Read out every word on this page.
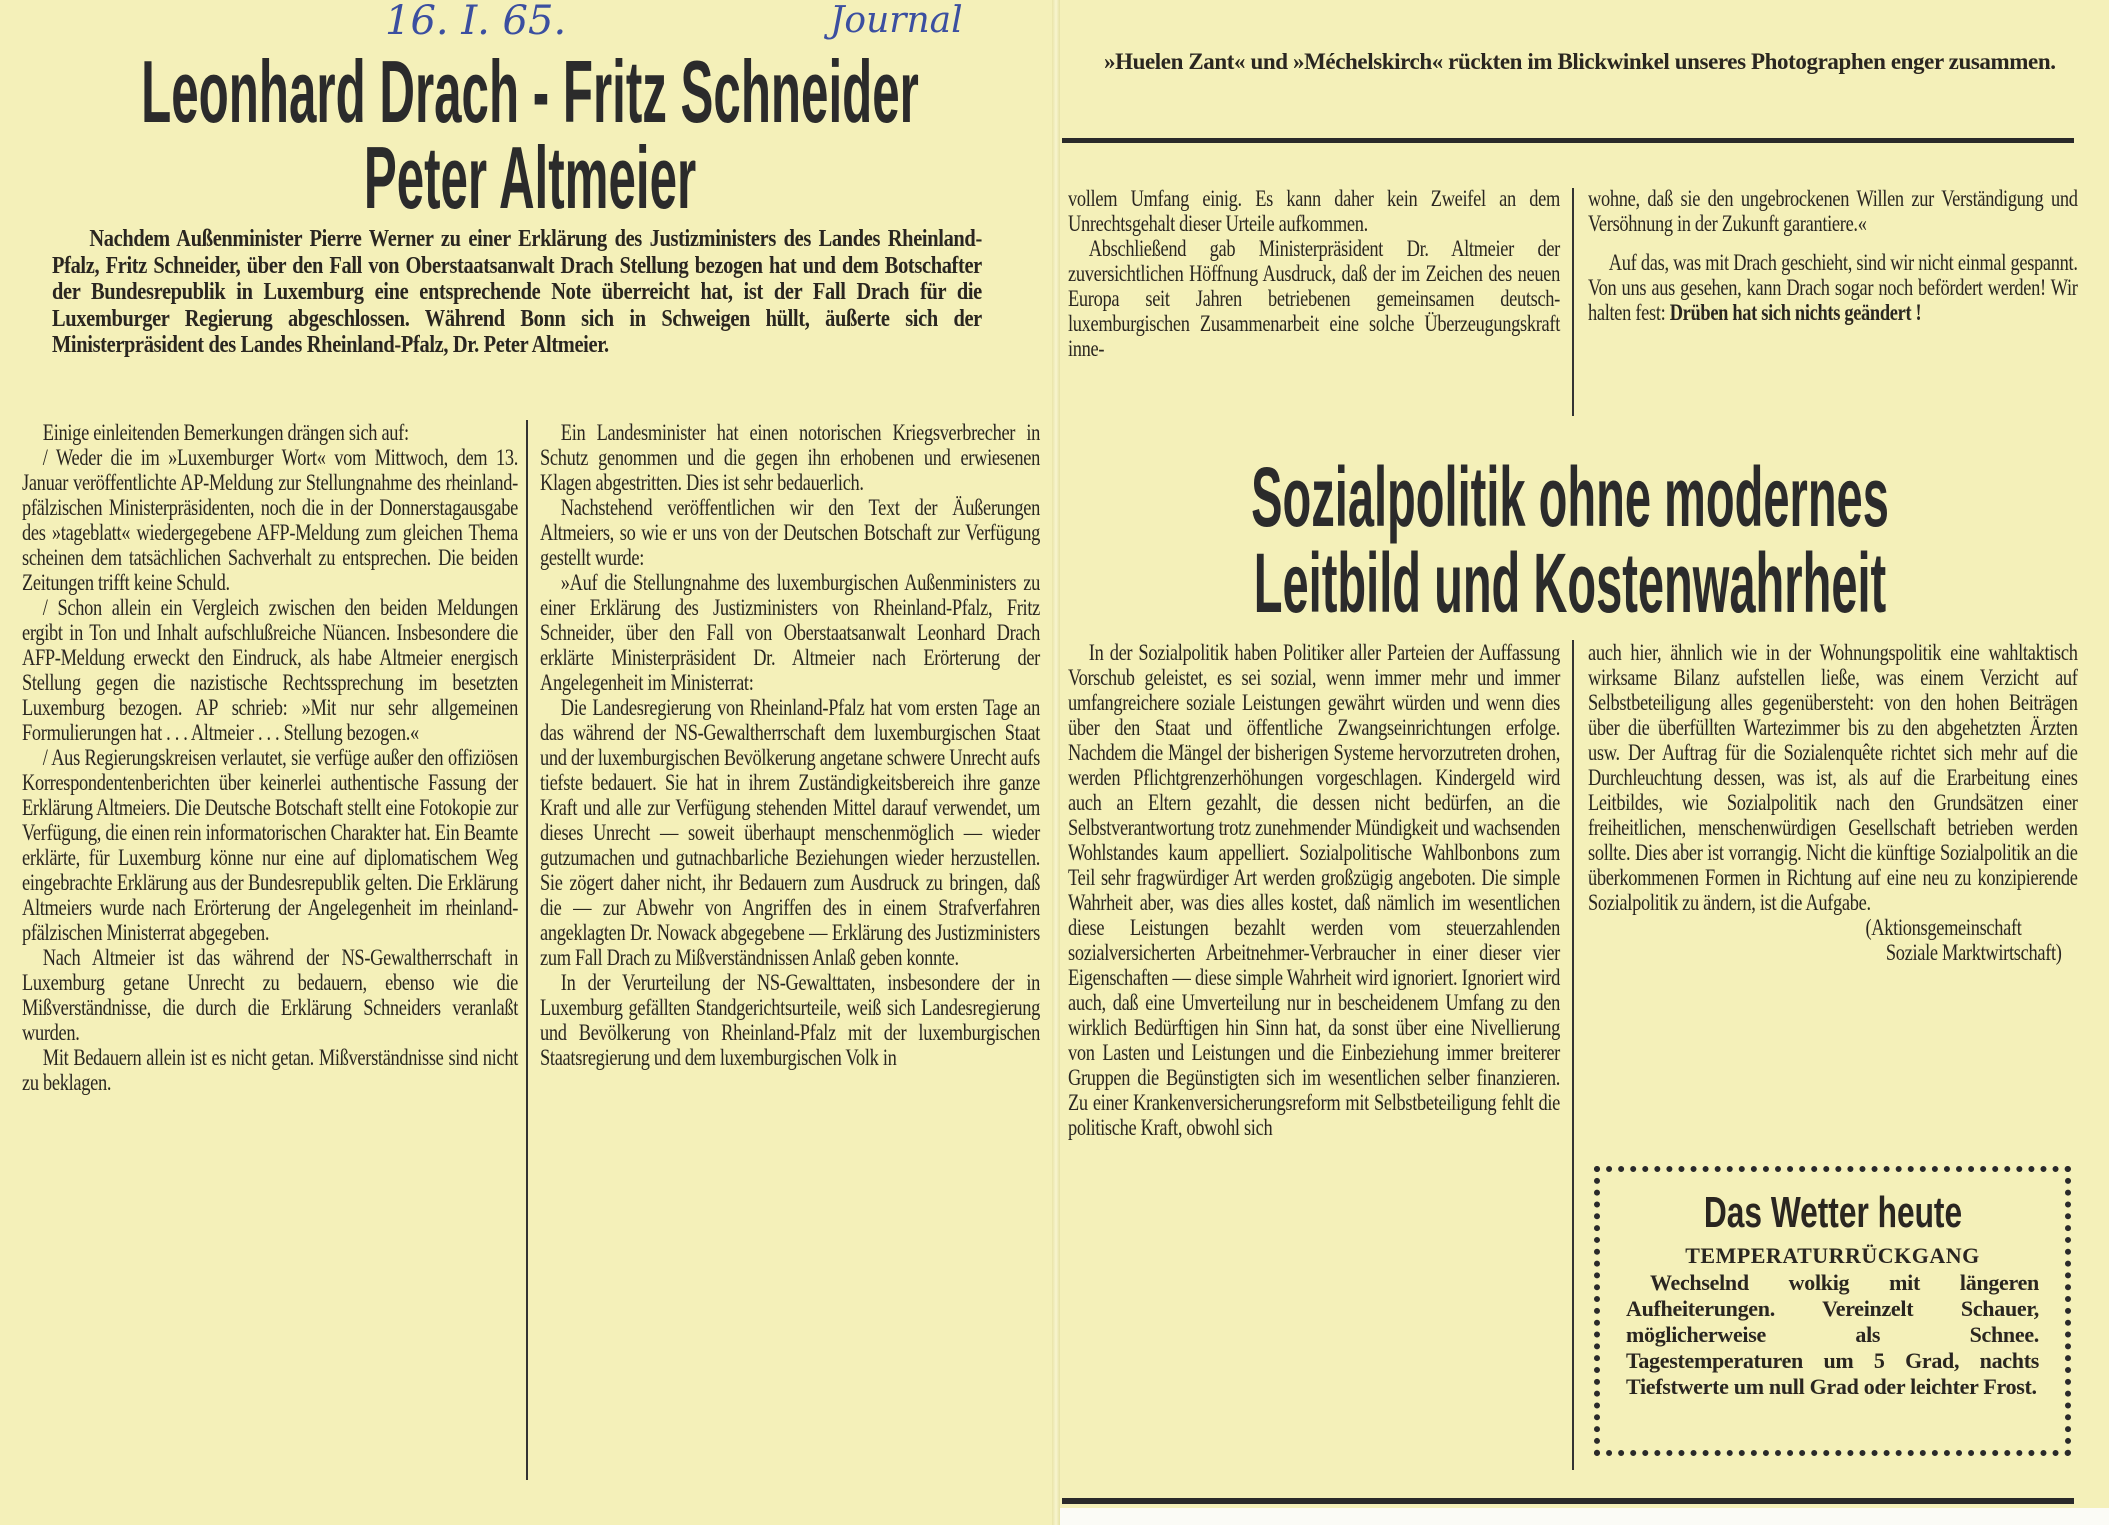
16. I. 65.	Journal
Leonhard Drach - Fritz Schneider
Peter Altmeier

Nachdem Außenminister Pierre Werner zu einer Erklärung des Justizministers des Landes Rheinland-Pfalz, Fritz Schneider, über den Fall von Oberstaatsanwalt Drach Stellung bezogen hat und dem Botschafter der Bundesrepublik in Luxemburg eine entsprechende Note überreicht hat, ist der Fall Drach für die Luxemburger Regierung abgeschlossen. Während Bonn sich in Schweigen hüllt, äußerte sich der Ministerpräsident des Landes Rheinland-Pfalz, Dr. Peter Altmeier.

Einige einleitenden Bemerkungen drängen sich auf:

/ Weder die im »Luxemburger Wort« vom Mittwoch, dem 13. Januar veröffentlichte AP-Meldung zur Stellungnahme des rheinland-pfälzischen Ministerpräsidenten, noch die in der Donnerstagausgabe des »tageblatt« wiedergegebene AFP-Meldung zum gleichen Thema scheinen dem tatsächlichen Sachverhalt zu entsprechen. Die beiden Zeitungen trifft keine Schuld.

/ Schon allein ein Vergleich zwischen den beiden Meldungen ergibt in Ton und Inhalt aufschlußreiche Nüancen. Insbesondere die AFP-Meldung erweckt den Eindruck, als habe Altmeier energisch Stellung gegen die nazistische Rechtssprechung im besetzten Luxemburg bezogen. AP schrieb: »Mit nur sehr allgemeinen Formulierungen hat . . . Altmeier . . . Stellung bezogen.«

/ Aus Regierungskreisen verlautet, sie verfüge außer den offiziösen Korrespondentenberichten über keinerlei authentische Fassung der Erklärung Altmeiers. Die Deutsche Botschaft stellt eine Fotokopie zur Verfügung, die einen rein informatorischen Charakter hat. Ein Beamte erklärte, für Luxemburg könne nur eine auf diplomatischem Weg eingebrachte Erklärung aus der Bundesrepublik gelten. Die Erklärung Altmeiers wurde nach Erörterung der Angelegenheit im rheinland-pfälzischen Ministerrat abgegeben.

Nach Altmeier ist das während der NS-Gewaltherrschaft in Luxemburg getane Unrecht zu bedauern, ebenso wie die Mißverständnisse, die durch die Erklärung Schneiders veranlaßt wurden.

Mit Bedauern allein ist es nicht getan. Mißverständnisse sind nicht zu beklagen.

Ein Landesminister hat einen notorischen Kriegsverbrecher in Schutz genommen und die gegen ihn erhobenen und erwiesenen Klagen abgestritten. Dies ist sehr bedauerlich.

Nachstehend veröffentlichen wir den Text der Äußerungen Altmeiers, so wie er uns von der Deutschen Botschaft zur Verfügung gestellt wurde:

»Auf die Stellungnahme des luxemburgischen Außenministers zu einer Erklärung des Justizministers von Rheinland-Pfalz, Fritz Schneider, über den Fall von Oberstaatsanwalt Leonhard Drach erklärte Ministerpräsident Dr. Altmeier nach Erörterung der Angelegenheit im Ministerrat:

Die Landesregierung von Rheinland-Pfalz hat vom ersten Tage an das während der NS-Gewaltherrschaft dem luxemburgischen Staat und der luxemburgischen Bevölkerung angetane schwere Unrecht aufs tiefste bedauert. Sie hat in ihrem Zuständigkeitsbereich ihre ganze Kraft und alle zur Verfügung stehenden Mittel darauf verwendet, um dieses Unrecht — soweit überhaupt menschenmöglich — wieder gutzumachen und gutnachbarliche Beziehungen wieder herzustellen. Sie zögert daher nicht, ihr Bedauern zum Ausdruck zu bringen, daß die — zur Abwehr von Angriffen des in einem Strafverfahren angeklagten Dr. Nowack abgegebene — Erklärung des Justizministers zum Fall Drach zu Mißverständnissen Anlaß geben konnte.

In der Verurteilung der NS-Gewalttaten, insbesondere der in Luxemburg gefällten Standgerichtsurteile, weiß sich Landesregierung und Bevölkerung von Rheinland-Pfalz mit der luxemburgischen Staatsregierung und dem luxemburgischen Volk in

»Huelen Zant« und »Méchelskirch« rückten im Blickwinkel unseres Photographen enger zusammen.

vollem Umfang einig. Es kann daher kein Zweifel an dem Unrechtsgehalt dieser Urteile aufkommen.

Abschließend gab Ministerpräsident Dr. Altmeier der zuversichtlichen Höffnung Ausdruck, daß der im Zeichen des neuen Europa seit Jahren betriebenen gemeinsamen deutsch-luxemburgischen Zusammenarbeit eine solche Überzeugungskraft inne-

wohne, daß sie den ungebrockenen Willen zur Verständigung und Versöhnung in der Zukunft garantiere.«

Auf das, was mit Drach geschieht, sind wir nicht einmal gespannt. Von uns aus gesehen, kann Drach sogar noch befördert werden! Wir halten fest: Drüben hat sich nichts geändert !

Sozialpolitik ohne modernes
Leitbild und Kostenwahrheit

In der Sozialpolitik haben Politiker aller Parteien der Auffassung Vorschub geleistet, es sei sozial, wenn immer mehr und immer umfangreichere soziale Leistungen gewährt würden und wenn dies über den Staat und öffentliche Zwangseinrichtungen erfolge. Nachdem die Mängel der bisherigen Systeme hervorzutreten drohen, werden Pflichtgrenzerhöhungen vorgeschlagen. Kindergeld wird auch an Eltern gezahlt, die dessen nicht bedürfen, an die Selbstverantwortung trotz zunehmender Mündigkeit und wachsenden Wohlstandes kaum appelliert. Sozialpolitische Wahlbonbons zum Teil sehr fragwürdiger Art werden großzügig angeboten. Die simple Wahrheit aber, was dies alles kostet, daß nämlich im wesentlichen diese Leistungen bezahlt werden vom steuerzahlenden sozialversicherten Arbeitnehmer-Verbraucher in einer dieser vier Eigenschaften — diese simple Wahrheit wird ignoriert. Ignoriert wird auch, daß eine Umverteilung nur in bescheidenem Umfang zu den wirklich Bedürftigen hin Sinn hat, da sonst über eine Nivellierung von Lasten und Leistungen und die Einbeziehung immer breiterer Gruppen die Begünstigten sich im wesentlichen selber finanzieren. Zu einer Krankenversicherungsreform mit Selbstbeteiligung fehlt die politische Kraft, obwohl sich

auch hier, ähnlich wie in der Wohnungspolitik eine wahltaktisch wirksame Bilanz aufstellen ließe, was einem Verzicht auf Selbstbeteiligung alles gegenübersteht: von den hohen Beiträgen über die überfüllten Wartezimmer bis zu den abgehetzten Ärzten usw. Der Auftrag für die Sozialenquête richtet sich mehr auf die Durchleuchtung dessen, was ist, als auf die Erarbeitung eines Leitbildes, wie Sozialpolitik nach den Grundsätzen einer freiheitlichen, menschenwürdigen Gesellschaft betrieben werden sollte. Dies aber ist vorrangig. Nicht die künftige Sozialpolitik an die überkommenen Formen in Richtung auf eine neu zu konzipierende Sozialpolitik zu ändern, ist die Aufgabe.

(Aktionsgemeinschaft

Soziale Marktwirtschaft)

Das Wetter heute
TEMPERATURRÜCKGANG
Wechselnd wolkig mit längeren Aufheiterungen. Vereinzelt Schauer, möglicherweise als Schnee. Tagestemperaturen um 5 Grad, nachts Tiefstwerte um null Grad oder leichter Frost.
